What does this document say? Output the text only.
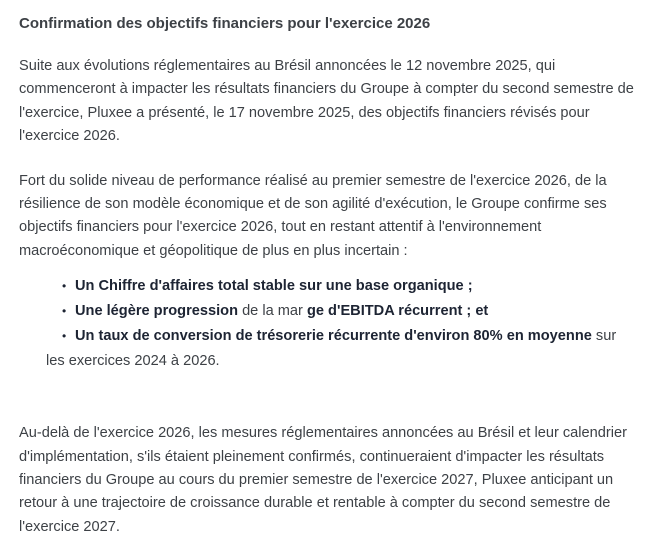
Confirmation des objectifs financiers pour l'exercice 2026

Suite aux évolutions réglementaires au Brésil annoncées le 12 novembre 2025, qui
commenceront à impacter les résultats financiers du Groupe à compter du second semestre de
l'exercice, Pluxee a présenté, le 17 novembre 2025, des objectifs financiers révisés pour
l'exercice 2026.

Fort du solide niveau de performance réalisé au premier semestre de l'exercice 2026, de la
résilience de son modèle économique et de son agilité d'exécution, le Groupe confirme ses
objectifs financiers pour l'exercice 2026, tout en restant attentif à l'environnement
macroéconomique et géopolitique de plus en plus incertain :

• Un Chiffre d'affaires total stable sur une base organique ;
• Une légère progression de la mar ge d'EBITDA récurrent ; et
• Un taux de conversion de trésorerie récurrente d'environ 80% en moyenne sur
les exercices 2024 à 2026.

Au-delà de l'exercice 2026, les mesures réglementaires annoncées au Brésil et leur calendrier
d'implémentation, s'ils étaient pleinement confirmés, continueraient d'impacter les résultats
financiers du Groupe au cours du premier semestre de l'exercice 2027, Pluxee anticipant un
retour à une trajectoire de croissance durable et rentable à compter du second semestre de
l'exercice 2027.
